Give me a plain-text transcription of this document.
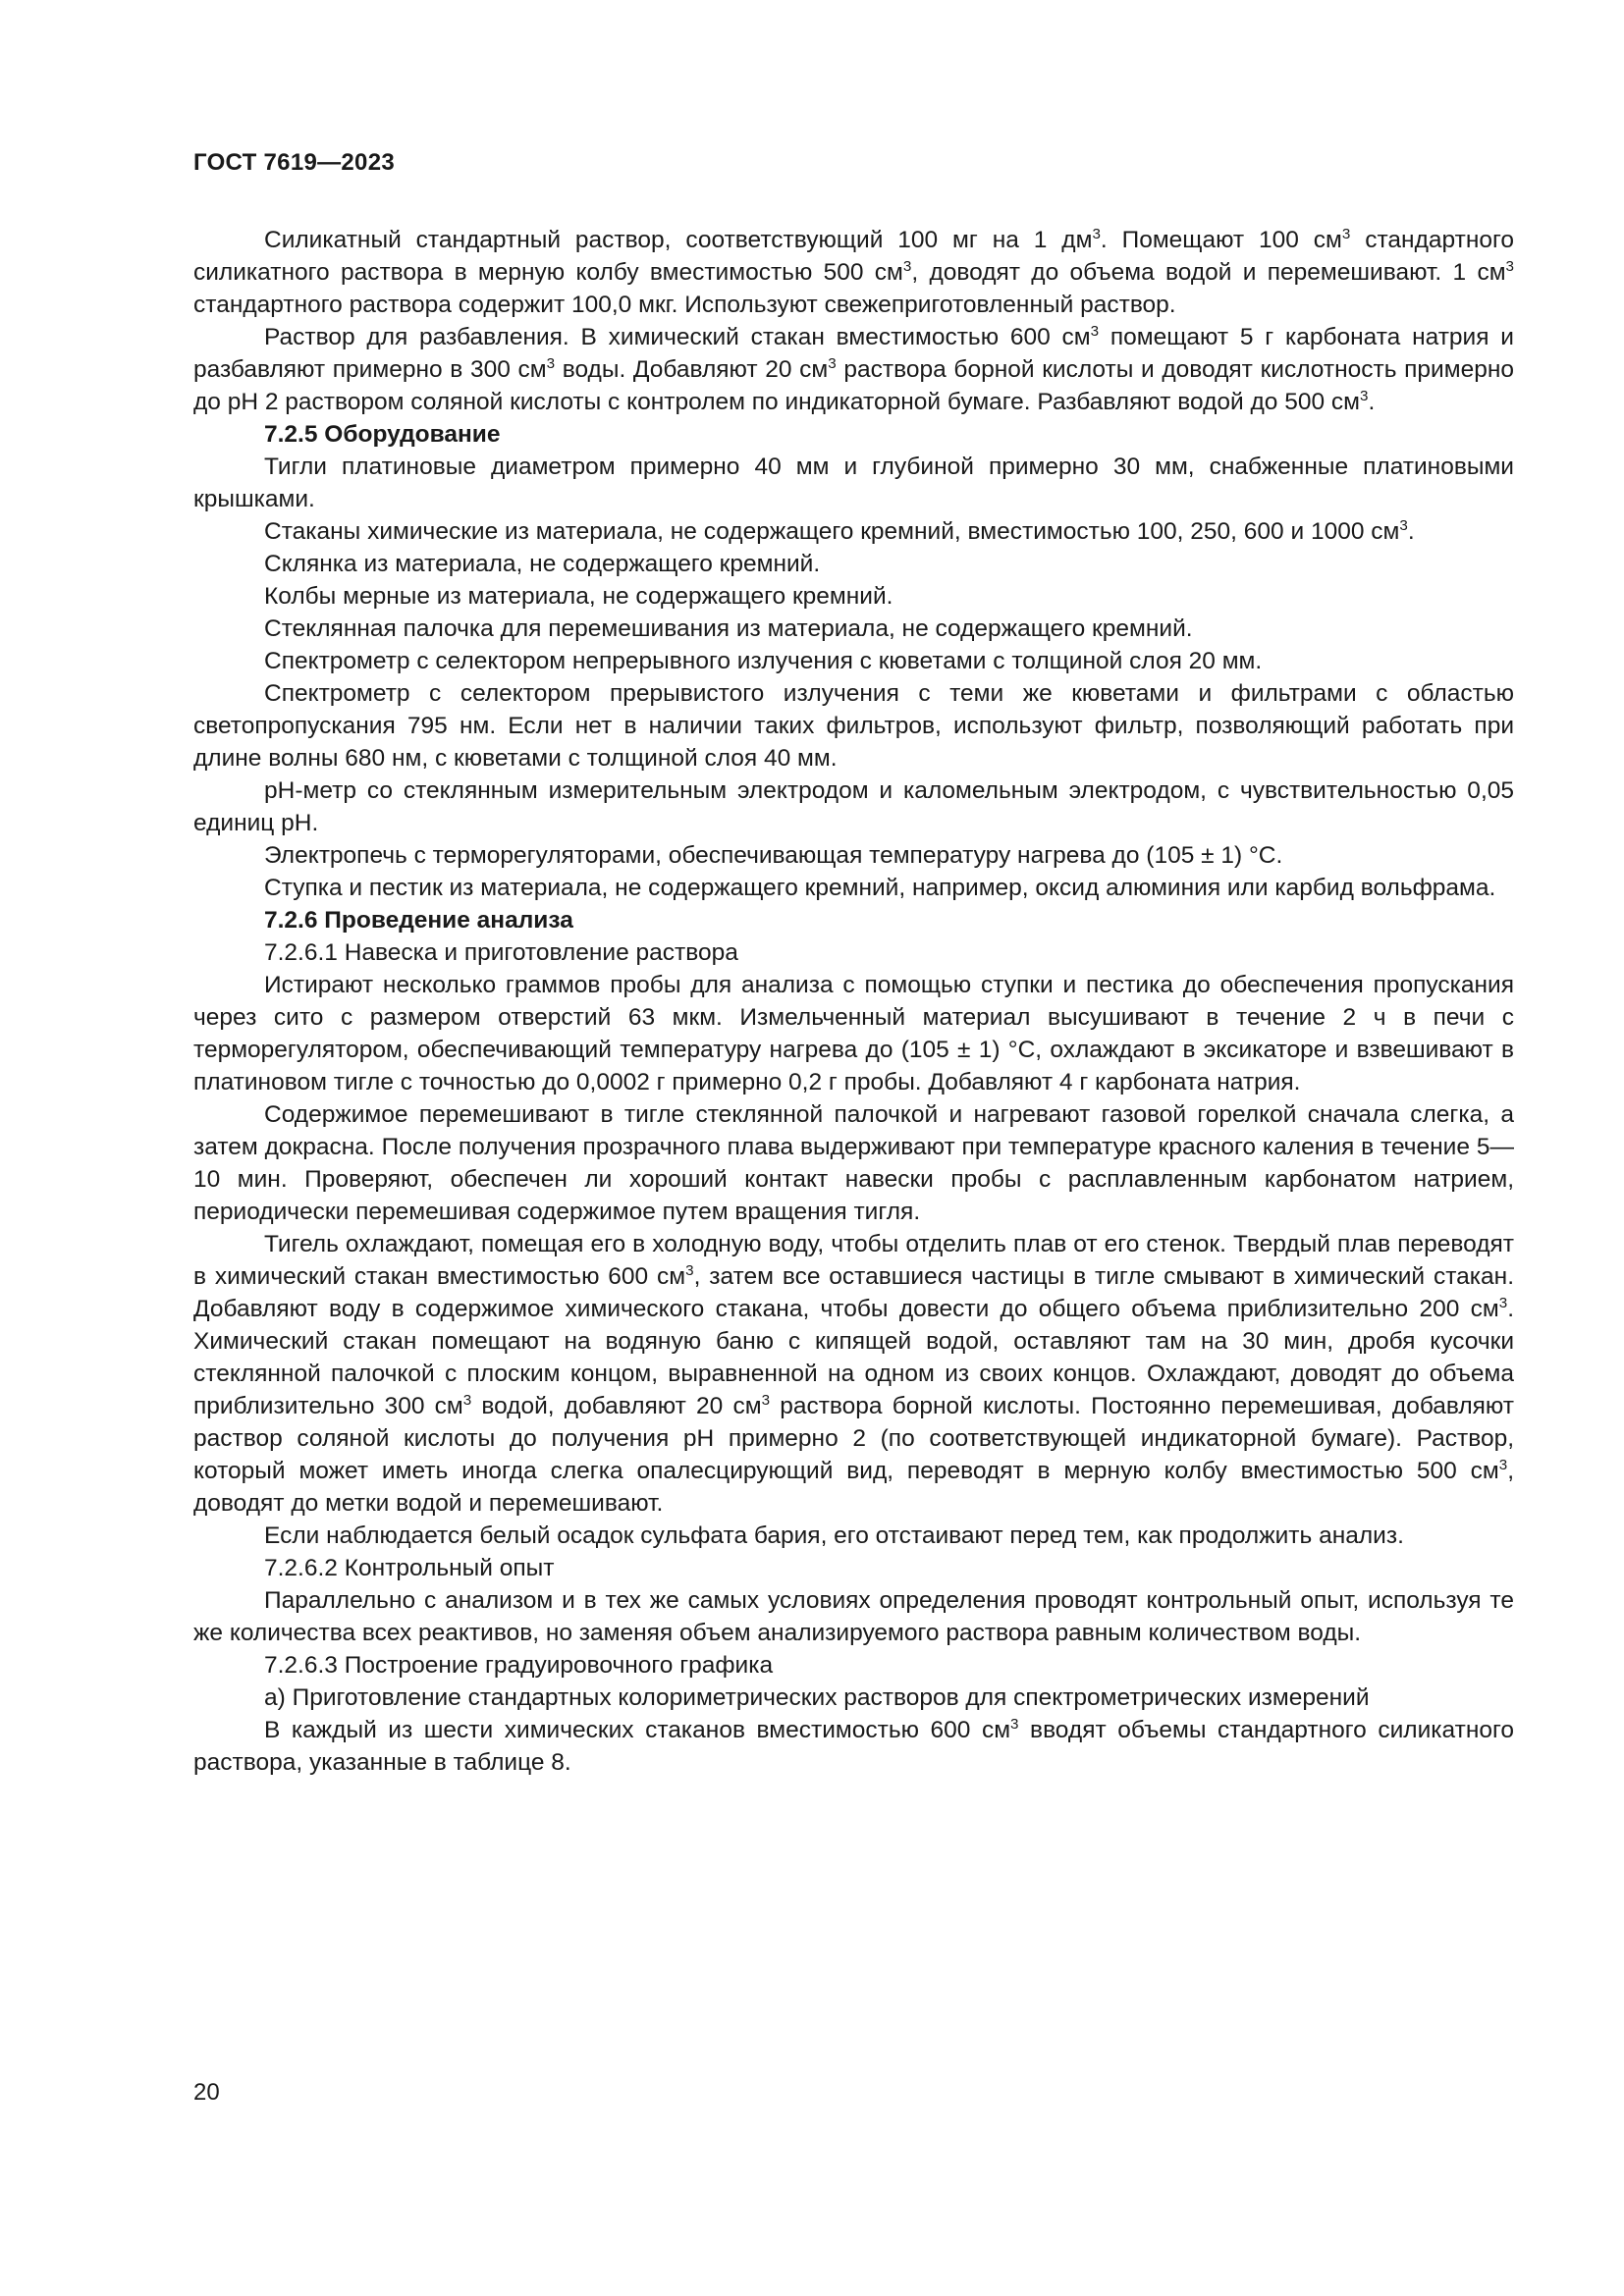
ГОСТ 7619—2023

Силикатный стандартный раствор, соответствующий 100 мг на 1 $дм^3$. Помещают 100 $см^3$ стандартного силикатного раствора в мерную колбу вместимостью 500 $см^3$, доводят до объема водой и перемешивают. 1 $см^3$ стандартного раствора содержит 100,0 мкг. Используют свежеприготовленный раствор.

Раствор для разбавления. В химический стакан вместимостью 600 $см^3$ помещают 5 г карбоната натрия и разбавляют примерно в 300 $см^3$ воды. Добавляют 20 $см^3$ раствора борной кислоты и доводят кислотность примерно до pH 2 раствором соляной кислоты с контролем по индикаторной бумаге. Разбавляют водой до 500 $см^3$.

7.2.5 Оборудование

Тигли платиновые диаметром примерно 40 мм и глубиной примерно 30 мм, снабженные платиновыми крышками.

Стаканы химические из материала, не содержащего кремний, вместимостью 100, 250, 600 и 1000 $см^3$.

Склянка из материала, не содержащего кремний.

Колбы мерные из материала, не содержащего кремний.

Стеклянная палочка для перемешивания из материала, не содержащего кремний.

Спектрометр с селектором непрерывного излучения с кюветами с толщиной слоя 20 мм.

Спектрометр с селектором прерывистого излучения с теми же кюветами и фильтрами с областью светопропускания 795 нм. Если нет в наличии таких фильтров, используют фильтр, позволяющий работать при длине волны 680 нм, с кюветами с толщиной слоя 40 мм.

pH-метр со стеклянным измерительным электродом и каломельным электродом, с чувствительностью 0,05 единиц pH.

Электропечь с терморегуляторами, обеспечивающая температуру нагрева до (105 ± 1) °C.

Ступка и пестик из материала, не содержащего кремний, например, оксид алюминия или карбид вольфрама.

7.2.6 Проведение анализа

7.2.6.1 Навеска и приготовление раствора

Истирают несколько граммов пробы для анализа с помощью ступки и пестика до обеспечения пропускания через сито с размером отверстий 63 мкм. Измельченный материал высушивают в течение 2 ч в печи с терморегулятором, обеспечивающий температуру нагрева до (105 ± 1) °C, охлаждают в эксикаторе и взвешивают в платиновом тигле с точностью до 0,0002 г примерно 0,2 г пробы. Добавляют 4 г карбоната натрия.

Содержимое перемешивают в тигле стеклянной палочкой и нагревают газовой горелкой сначала слегка, а затем докрасна. После получения прозрачного плава выдерживают при температуре красного каления в течение 5—10 мин. Проверяют, обеспечен ли хороший контакт навески пробы с расплавленным карбонатом натрием, периодически перемешивая содержимое путем вращения тигля.

Тигель охлаждают, помещая его в холодную воду, чтобы отделить плав от его стенок. Твердый плав переводят в химический стакан вместимостью 600 $см^3$, затем все оставшиеся частицы в тигле смывают в химический стакан. Добавляют воду в содержимое химического стакана, чтобы довести до общего объема приблизительно 200 $см^3$. Химический стакан помещают на водяную баню с кипящей водой, оставляют там на 30 мин, дробя кусочки стеклянной палочкой с плоским концом, выравненной на одном из своих концов. Охлаждают, доводят до объема приблизительно 300 $см^3$ водой, добавляют 20 $см^3$ раствора борной кислоты. Постоянно перемешивая, добавляют раствор соляной кислоты до получения pH примерно 2 (по соответствующей индикаторной бумаге). Раствор, который может иметь иногда слегка опалесцирующий вид, переводят в мерную колбу вместимостью 500 $см^3$, доводят до метки водой и перемешивают.

Если наблюдается белый осадок сульфата бария, его отстаивают перед тем, как продолжить анализ.

7.2.6.2 Контрольный опыт

Параллельно с анализом и в тех же самых условиях определения проводят контрольный опыт, используя те же количества всех реактивов, но заменяя объем анализируемого раствора равным количеством воды.

7.2.6.3 Построение градуировочного графика

а) Приготовление стандартных колориметрических растворов для спектрометрических измерений

В каждый из шести химических стаканов вместимостью 600 $см^3$ вводят объемы стандартного силикатного раствора, указанные в таблице 8.

20
